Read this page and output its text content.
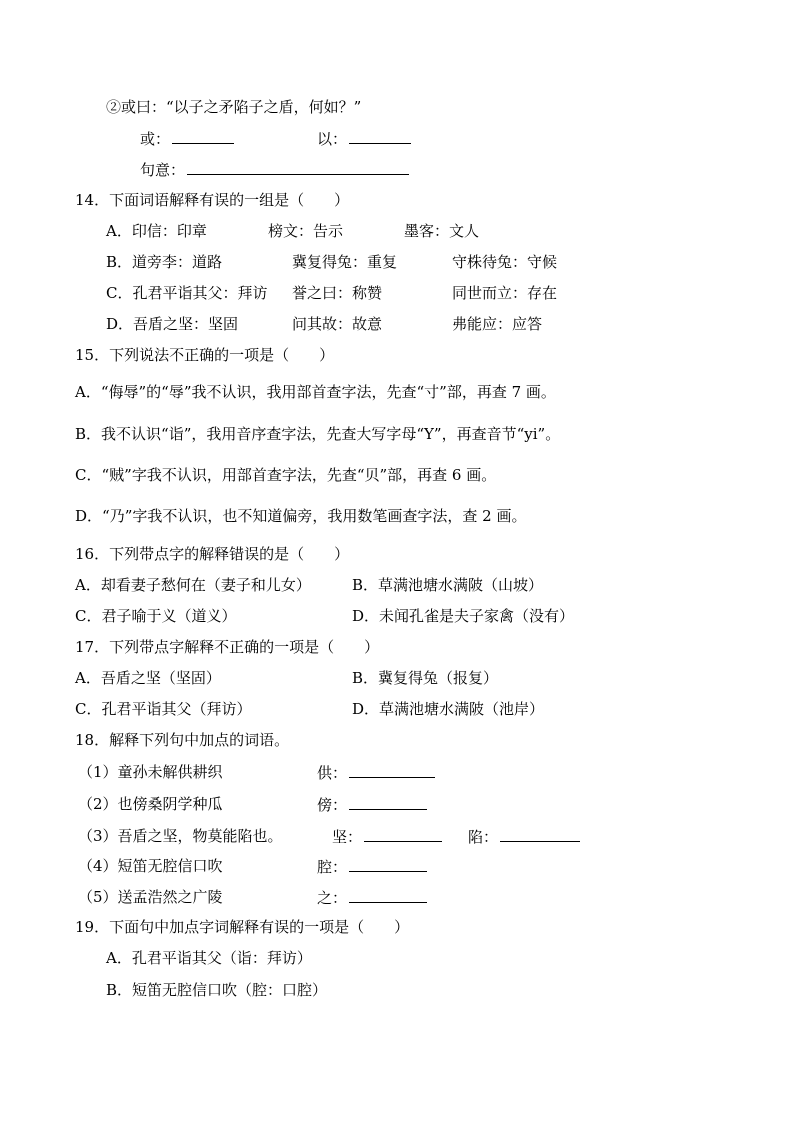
②或曰：“以子之矛陷子之盾，何如？”
或：	以：
句意：
14．下面词语解释有误的一组是（　　）
A．印信：印章	榜文：告示	墨客：文人
B．道旁李：道路	冀复得兔：重复	守株待兔：守候
C．孔君平诣其父：拜访 誉之曰：称赞	同世而立：存在
D．吾盾之坚：坚固	问其故：故意	弗能应：应答
15．下列说法不正确的一项是（　　）
A．“侮辱”的“辱”我不认识，我用部首查字法，先查“寸”部，再查 7 画。
B．我不认识“诣”，我用音序查字法，先查大写字母“Y”，再查音节“yi”。
C．“贼”字我不认识，用部首查字法，先查“贝”部，再查 6 画。
D．“乃”字我不认识，也不知道偏旁，我用数笔画查字法，查 2 画。
16．下列带点字的解释错误的是（　　）
A．却看妻子愁何在（妻子和儿女）	B．草满池塘水满陂（山坡）
C．君子喻于义（道义）	D．未闻孔雀是夫子家禽（没有）
17．下列带点字解释不正确的一项是（　　）
A．吾盾之坚（坚固）	B．冀复得兔（报复）
C．孔君平诣其父（拜访）	D．草满池塘水满陂（池岸）
18．解释下列句中加点的词语。
（1）童孙未解供耕织	供：
（2）也傍桑阴学种瓜	傍：
（3）吾盾之坚，物莫能陷也。	坚：	陷：
（4）短笛无腔信口吹	腔：
（5）送孟浩然之广陵	之：
19．下面句中加点字词解释有误的一项是（　　）
A．孔君平诣其父（诣：拜访）
B．短笛无腔信口吹（腔：口腔）
